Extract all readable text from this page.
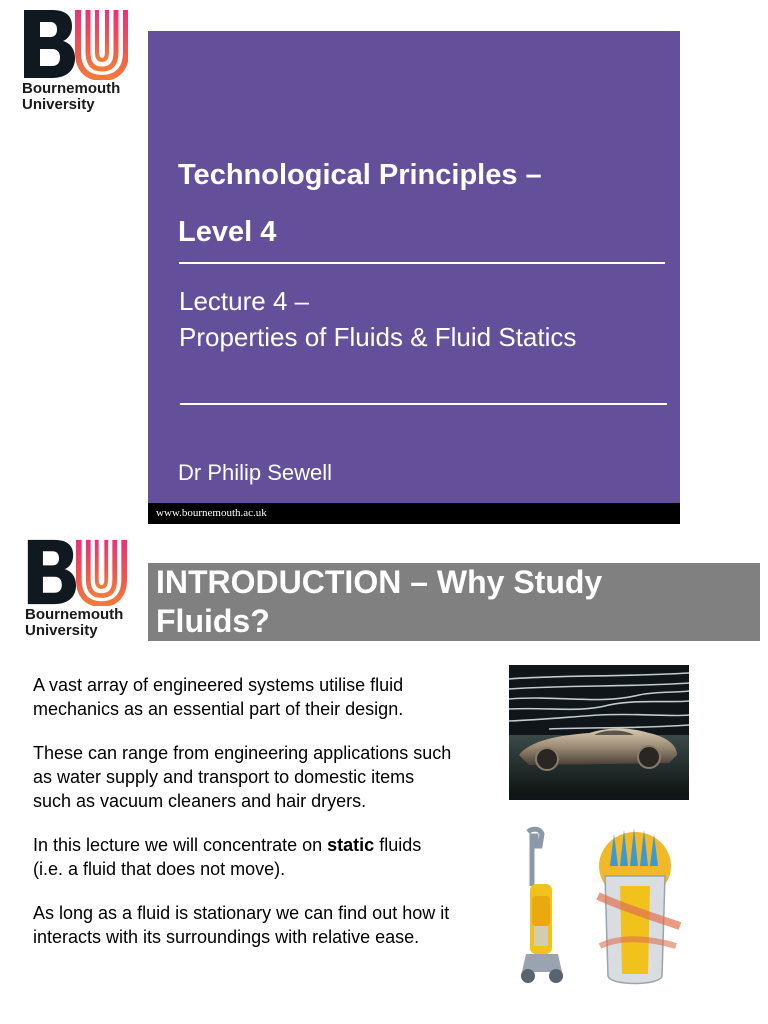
Bournemouth
University
Technological Principles –
Level 4
Lecture 4 –
Properties of Fluids & Fluid Statics
Dr Philip Sewell
www.bournemouth.ac.uk
Bournemouth
University
INTRODUCTION – Why Study
Fluids?

A vast array of engineered systems utilise fluid mechanics as an essential part of their design.

These can range from engineering applications such as water supply and transport to domestic items such as vacuum cleaners and hair dryers.

In this lecture we will concentrate on static fluids (i.e. a fluid that does not move).

As long as a fluid is stationary we can find out how it interacts with its surroundings with relative ease.
